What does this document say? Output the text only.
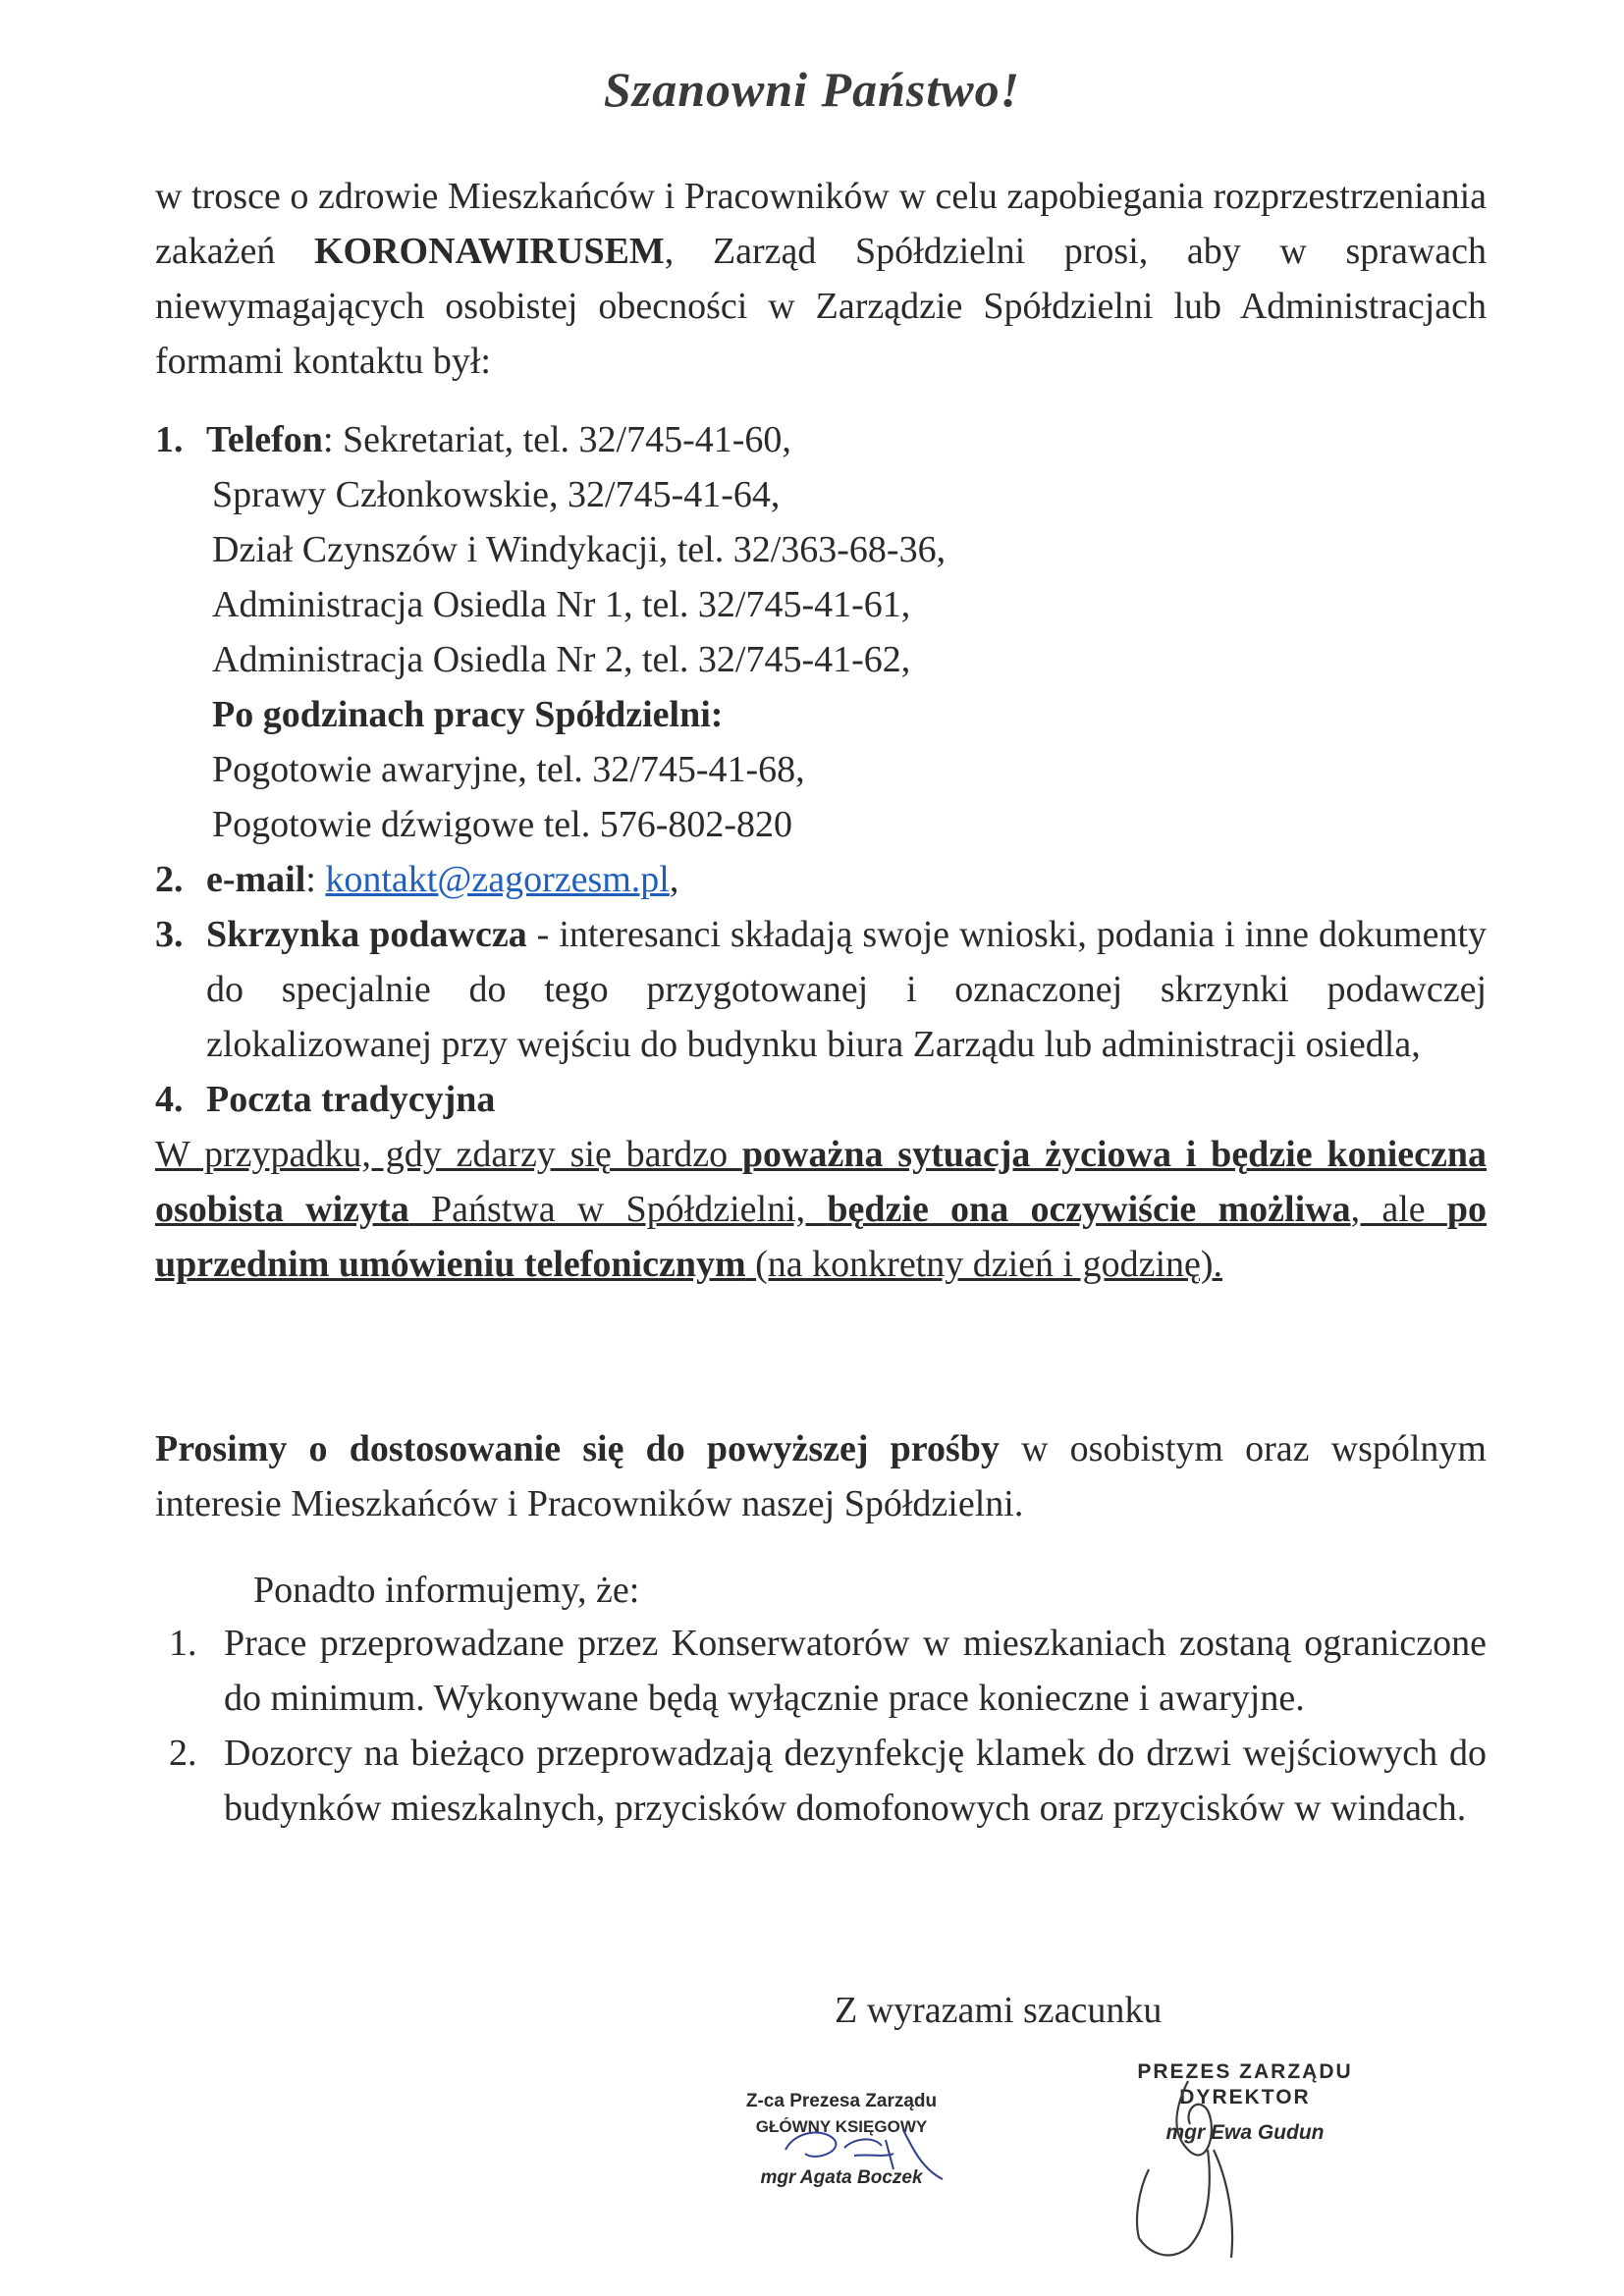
Szanowni Państwo!

w trosce o zdrowie Mieszkańców i Pracowników w celu zapobiegania rozprzestrzeniania zakażeń KORONAWIRUSEM, Zarząd Spółdzielni prosi, aby w sprawach niewymagających osobistej obecności w Zarządzie Spółdzielni lub Administracjach formami kontaktu był:

1. Telefon: Sekretariat, tel. 32/745-41-60,
Sprawy Członkowskie, 32/745-41-64,
Dział Czynszów i Windykacji, tel. 32/363-68-36,
Administracja Osiedla Nr 1, tel. 32/745-41-61,
Administracja Osiedla Nr 2, tel. 32/745-41-62,
Po godzinach pracy Spółdzielni:
Pogotowie awaryjne, tel. 32/745-41-68,
Pogotowie dźwigowe tel. 576-802-820
2. e-mail: kontakt@zagorzesm.pl,
3. Skrzynka podawcza - interesanci składają swoje wnioski, podania i inne dokumenty do specjalnie do tego przygotowanej i oznaczonej skrzynki podawczej zlokalizowanej przy wejściu do budynku biura Zarządu lub administracji osiedla,
4. Poczta tradycyjna
W przypadku, gdy zdarzy się bardzo poważna sytuacja życiowa i będzie konieczna osobista wizyta Państwa w Spółdzielni, będzie ona oczywiście możliwa, ale po uprzednim umówieniu telefonicznym (na konkretny dzień i godzinę).

Prosimy o dostosowanie się do powyższej prośby w osobistym oraz wspólnym interesie Mieszkańców i Pracowników naszej Spółdzielni.

Ponadto informujemy, że:

1. Prace przeprowadzane przez Konserwatorów w mieszkaniach zostaną ograniczone do minimum. Wykonywane będą wyłącznie prace konieczne i awaryjne.
2. Dozorcy na bieżąco przeprowadzają dezynfekcję klamek do drzwi wejściowych do budynków mieszkalnych, przycisków domofonowych oraz przycisków w windach.
Z wyrazami szacunku
Z-ca Prezesa Zarządu
GŁÓWNY KSIĘGOWY
mgr Agata Boczek
PREZES ZARZĄDU
DYREKTOR
mgr Ewa Gudun
